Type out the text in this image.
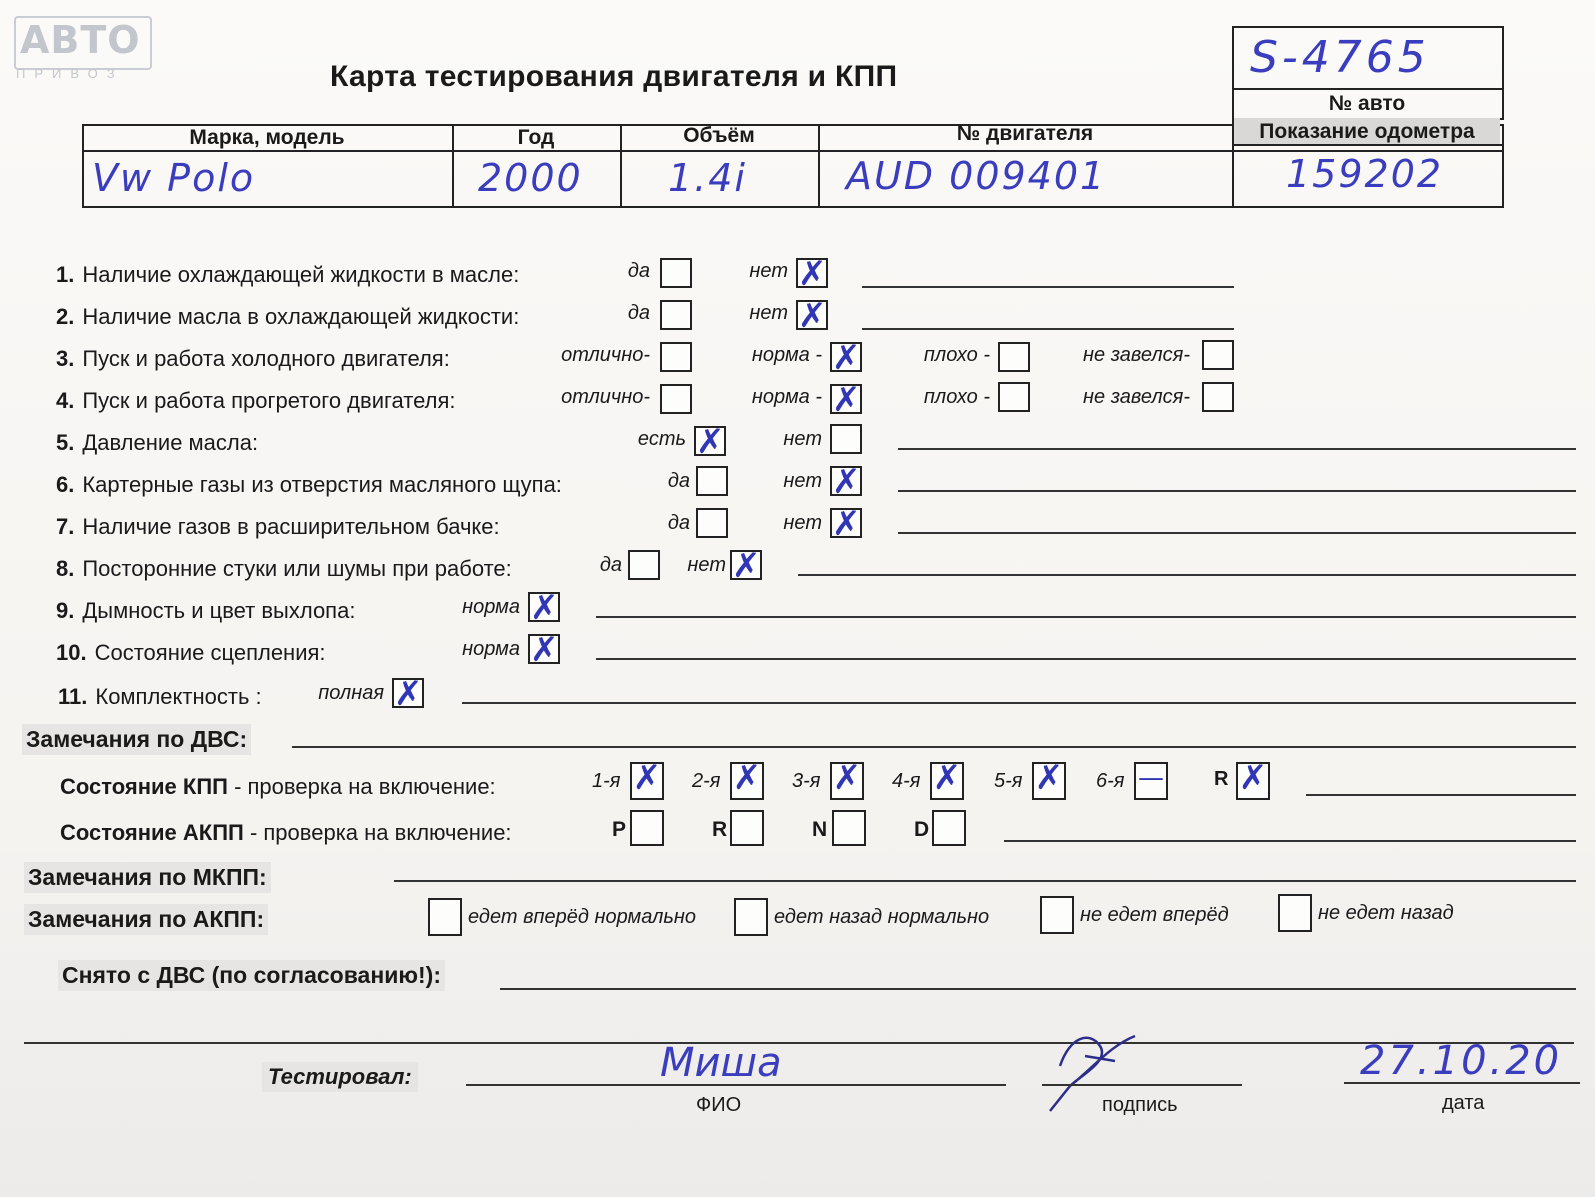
АВТО
ПРИВОЗ	Карта тестирования двигателя и КПП	S-4765
№ авто
Марка, модель	Год	Объём	№ двигателя	Показание одометра
Vw Polo	2000 1.4i	AUD 009401	159202
1. Наличие охлаждающей жидкости в масле:	да	нет ✗
2. Наличие масла в охлаждающей жидкости:	да	нет ✗
3. Пуск и работа холодного двигателя:	отлично-	норма - ✗	плохо -	не завелся-
4. Пуск и работа прогретого двигателя:	отлично-	норма - ✗	плохо -	не завелся-
5. Давление масла:	есть ✗	нет
6. Картерные газы из отверстия масляного щупа:	да	нет ✗
7. Наличие газов в расширительном бачке:	да	нет ✗
8. Посторонние стуки или шумы при работе:	да	нет ✗
9. Дымность и цвет выхлопа:	норма ✗
10. Состояние сцепления:	норма ✗
11. Комплектность :	полная ✗
Замечания по ДВС:
Состояние КПП - проверка на включение:	1-я ✗ 2-я ✗ 3-я ✗ 4-я ✗ 5-я ✗ 6-я —	R ✗
Состояние АКПП - проверка на включение:	P	R	N	D
Замечания по МКПП:
Замечания по АКПП:	едет вперёд нормально	едет назад нормально	не едет вперёд	не едет назад
Снято с ДВС (по согласованию!):
Тестировал:	Миша
ФИО	подпись
27.10.20
дата
